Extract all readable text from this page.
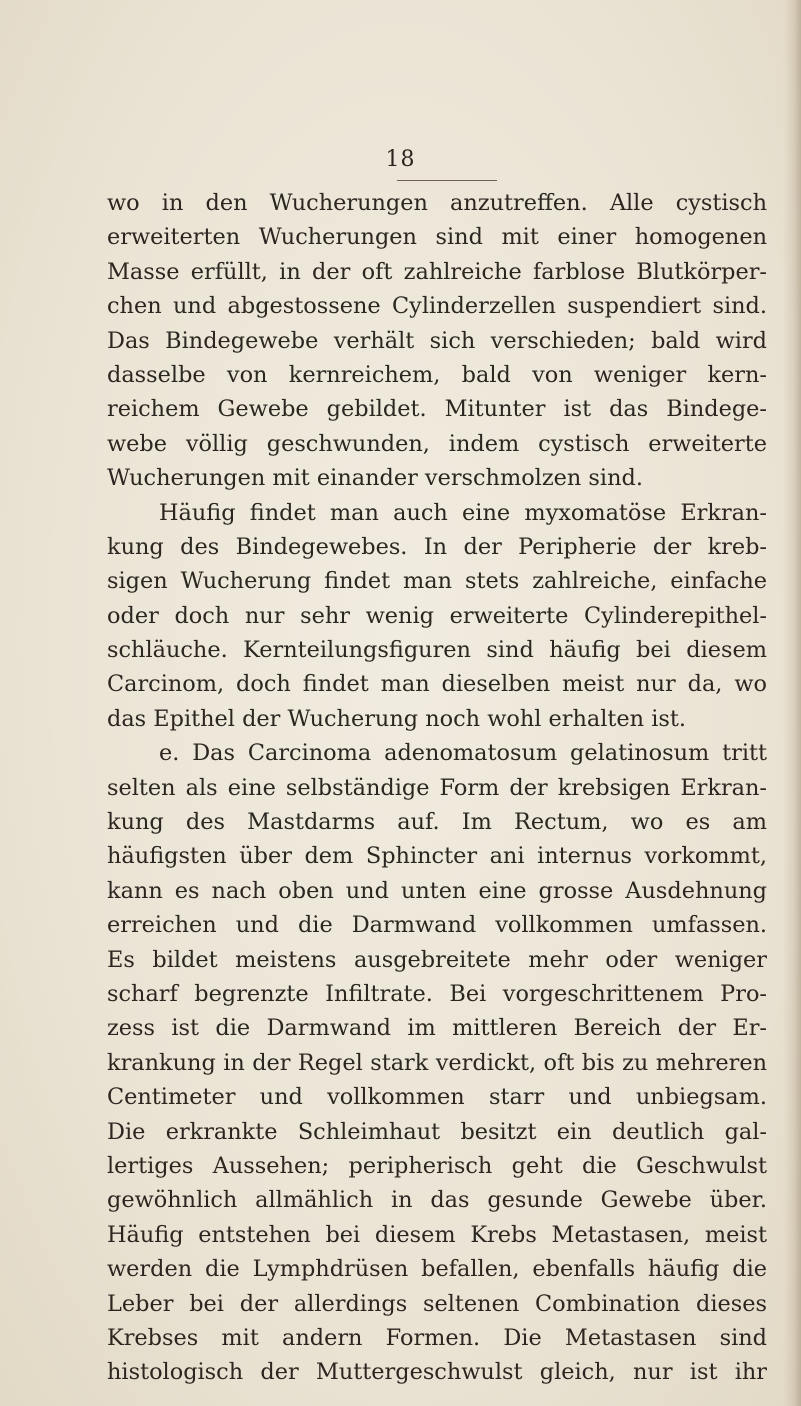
18
wo in den Wucherungen anzutreffen. Alle cystisch
erweiterten Wucherungen sind mit einer homogenen
Masse erfüllt, in der oft zahlreiche farblose Blutkörper-
chen und abgestossene Cylinderzellen suspendiert sind.
Das Bindegewebe verhält sich verschieden; bald wird
dasselbe von kernreichem, bald von weniger kern-
reichem Gewebe gebildet. Mitunter ist das Bindege-
webe völlig geschwunden, indem cystisch erweiterte
Wucherungen mit einander verschmolzen sind.
Häufig findet man auch eine myxomatöse Erkran-
kung des Bindegewebes. In der Peripherie der kreb-
sigen Wucherung findet man stets zahlreiche, einfache
oder doch nur sehr wenig erweiterte Cylinderepithel-
schläuche. Kernteilungsfiguren sind häufig bei diesem
Carcinom, doch findet man dieselben meist nur da, wo
das Epithel der Wucherung noch wohl erhalten ist.
e. Das Carcinoma adenomatosum gelatinosum tritt
selten als eine selbständige Form der krebsigen Erkran-
kung des Mastdarms auf. Im Rectum, wo es am
häufigsten über dem Sphincter ani internus vorkommt,
kann es nach oben und unten eine grosse Ausdehnung
erreichen und die Darmwand vollkommen umfassen.
Es bildet meistens ausgebreitete mehr oder weniger
scharf begrenzte Infiltrate. Bei vorgeschrittenem Pro-
zess ist die Darmwand im mittleren Bereich der Er-
krankung in der Regel stark verdickt, oft bis zu mehreren
Centimeter und vollkommen starr und unbiegsam.
Die erkrankte Schleimhaut besitzt ein deutlich gal-
lertiges Aussehen; peripherisch geht die Geschwulst
gewöhnlich allmählich in das gesunde Gewebe über.
Häufig entstehen bei diesem Krebs Metastasen, meist
werden die Lymphdrüsen befallen, ebenfalls häufig die
Leber bei der allerdings seltenen Combination dieses
Krebses mit andern Formen. Die Metastasen sind
histologisch der Muttergeschwulst gleich, nur ist ihr
